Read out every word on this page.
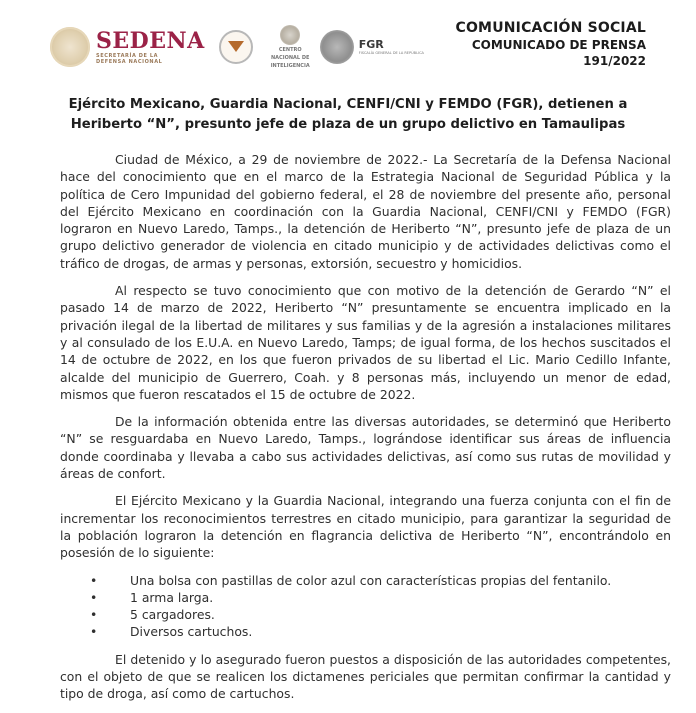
SEDENA
SECRETARÍA DE LA
DEFENSA NACIONAL
CENTRO
NACIONAL DE
INTELIGENCIA
FGR
FISCALÍA GENERAL DE LA REPÚBLICA
COMUNICACIÓN SOCIAL
COMUNICADO DE PRENSA
191/2022
Ejército Mexicano, Guardia Nacional, CENFI/CNI y FEMDO (FGR), detienen a
Heriberto “N”, presunto jefe de plaza de un grupo delictivo en Tamaulipas

Ciudad de México, a 29 de noviembre de 2022.- La Secretaría de la Defensa Nacional hace del conocimiento que en el marco de la Estrategia Nacional de Seguridad Pública y la política de Cero Impunidad del gobierno federal, el 28 de noviembre del presente año, personal del Ejército Mexicano en coordinación con la Guardia Nacional, CENFI/CNI y FEMDO (FGR) lograron en Nuevo Laredo, Tamps., la detención de Heriberto “N”, presunto jefe de plaza de un grupo delictivo generador de violencia en citado municipio y de actividades delictivas como el tráfico de drogas, de armas y personas, extorsión, secuestro y homicidios.

Al respecto se tuvo conocimiento que con motivo de la detención de Gerardo “N” el pasado 14 de marzo de 2022, Heriberto “N” presuntamente se encuentra implicado en la privación ilegal de la libertad de militares y sus familias y de la agresión a instalaciones militares y al consulado de los E.U.A. en Nuevo Laredo, Tamps; de igual forma, de los hechos suscitados el 14 de octubre de 2022, en los que fueron privados de su libertad el Lic. Mario Cedillo Infante, alcalde del municipio de Guerrero, Coah. y 8 personas más, incluyendo un menor de edad, mismos que fueron rescatados el 15 de octubre de 2022.

De la información obtenida entre las diversas autoridades, se determinó que Heriberto “N” se resguardaba en Nuevo Laredo, Tamps., lográndose identificar sus áreas de influencia donde coordinaba y llevaba a cabo sus actividades delictivas, así como sus rutas de movilidad y áreas de confort.

El Ejército Mexicano y la Guardia Nacional, integrando una fuerza conjunta con el fin de incrementar los reconocimientos terrestres en citado municipio, para garantizar la seguridad de la población lograron la detención en flagrancia delictiva de Heriberto “N”, encontrándolo en posesión de lo siguiente:

• Una bolsa con pastillas de color azul con características propias del fentanilo.
• 1 arma larga.
• 5 cargadores.
• Diversos cartuchos.

El detenido y lo asegurado fueron puestos a disposición de las autoridades competentes, con el objeto de que se realicen los dictamenes periciales que permitan confirmar la cantidad y tipo de droga, así como de cartuchos.
